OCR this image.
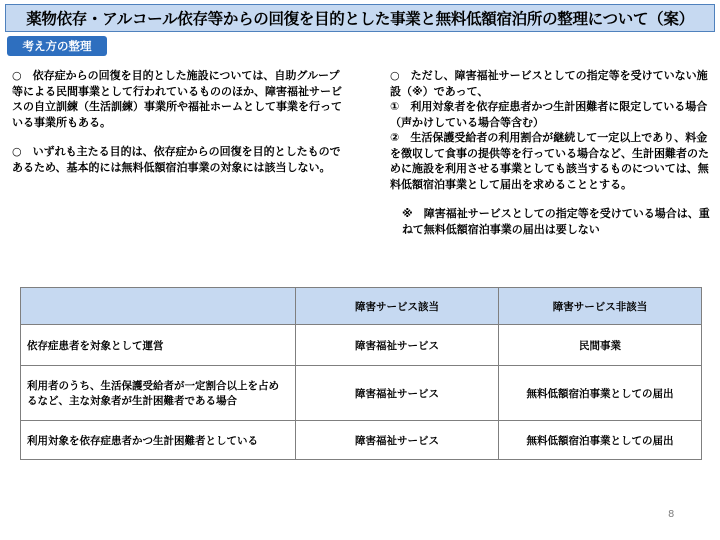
薬物依存・アルコール依存等からの回復を目的とした事業と無料低額宿泊所の整理について（案）
考え方の整理

○　依存症からの回復を目的とした施設については、自助グループ等による民間事業として行われているもののほか、障害福祉サービスの自立訓練（生活訓練）事業所や福祉ホームとして事業を行っている事業所もある。

○　いずれも主たる目的は、依存症からの回復を目的としたものであるため、基本的には無料低額宿泊事業の対象には該当しない。

○　ただし、障害福祉サービスとしての指定等を受けていない施設（※）であって、

①　利用対象者を依存症患者かつ生計困難者に限定している場合（声かけしている場合等含む）

②　生活保護受給者の利用割合が継続して一定以上であり、料金を徴収して食事の提供等を行っている場合など、生計困難者のために施設を利用させる事業としても該当するものについては、無料低額宿泊事業として届出を求めることとする。

※　障害福祉サービスとしての指定等を受けている場合は、重ねて無料低額宿泊事業の届出は要しない

	障害サービス該当	障害サービス非該当
依存症患者を対象として運営	障害福祉サービス	民間事業
利用者のうち、生活保護受給者が一定割合以上を占めるなど、主な対象者が生計困難者である場合	障害福祉サービス	無料低額宿泊事業としての届出
利用対象を依存症患者かつ生計困難者としている	障害福祉サービス	無料低額宿泊事業としての届出
8
